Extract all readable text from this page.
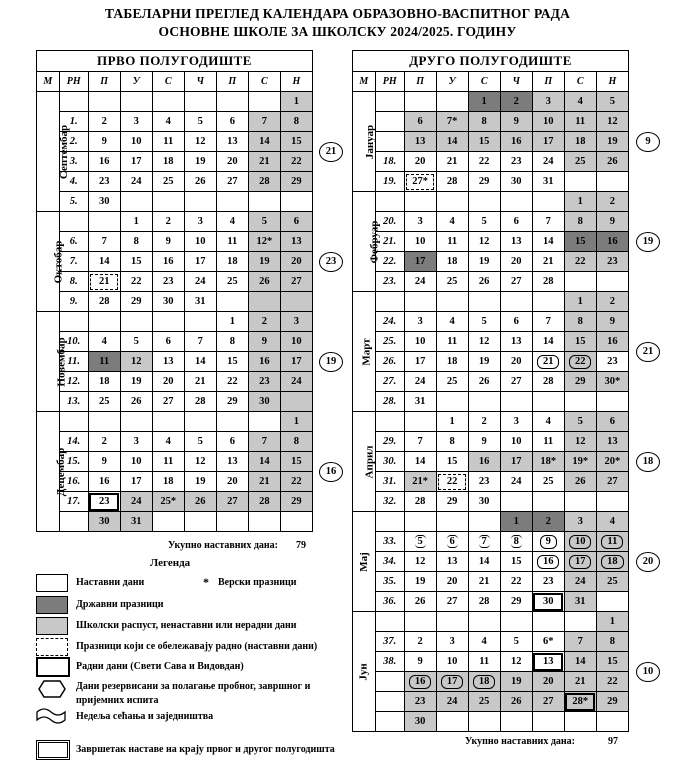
ТАБЕЛАРНИ ПРЕГЛЕД КАЛЕНДАРА ОБРАЗОВНО-ВАСПИТНОГ РАДА
ОСНОВНЕ ШКОЛЕ ЗА ШКОЛСКУ 2024/2025. ГОДИНУ
ПРВО ПОЛУГОДИШТЕ								
М	РН	П	У	С	Ч	П	С	Н
Септембар								1
	1.	2	3	4	5	6	7	8
	2.	9	10	11	12	13	14	15
	3.	16	17	18	19	20	21	22
	4.	23	24	25	26	27	28	29
	5.	30						
Октобар			1	2	3	4	5	6
	6.	7	8	9	10	11	12*	13
	7.	14	15	16	17	18	19	20
	8.	21	22	23	24	25	26	27
	9.	28	29	30	31			
Новембар						1	2	3
	10.	4	5	6	7	8	9	10
	11.	11	12	13	14	15	16	17
	12.	18	19	20	21	22	23	24
	13.	25	26	27	28	29	30	
Децембар								1
	14.	2	3	4	5	6	7	8
	15.	9	10	11	12	13	14	15
	16.	16	17	18	19	20	21	22
	17.	23	24	25*	26	27	28	29
		30	31					
ДРУГО ПОЛУГОДИШТЕ								
М	РН	П	У	С	Ч	П	С	Н
Јануар				1	2	3	4	5
		6	7*	8	9	10	11	12
		13	14	15	16	17	18	19
	18.	20	21	22	23	24	25	26
	19.	27*	28	29	30	31		
Фебруар							1	2
	20.	3	4	5	6	7	8	9
	21.	10	11	12	13	14	15	16
	22.	17	18	19	20	21	22	23
	23.	24	25	26	27	28		
Март							1	2
	24.	3	4	5	6	7	8	9
	25.	10	11	12	13	14	15	16
	26.	17	18	19	20	21	22	23
	27.	24	25	26	27	28	29	30*
	28.	31						
Април			1	2	3	4	5	6
	29.	7	8	9	10	11	12	13
	30.	14	15	16	17	18*	19*	20*
	31.	21*	22	23	24	25	26	27
	32.	28	29	30				
Мај					1	2	3	4
	33.	5	6	7	8	9	10	11
	34.	12	13	14	15	16	17	18
	35.	19	20	21	22	23	24	25
	36.	26	27	28	29	30	31	
Јун								1
	37.	2	3	4	5	6*	7	8
	38.	9	10	11	12	13	14	15
		16	17	18	19	20	21	22
		23	24	25	26	27	28*	29
		30						
21
23
19
16
9
19
21
18
20
10
Укупно наставних дана: 79
Укупно наставних дана:	97
Легенда
Наставни дани	* Верски празници
Државни празници
Школски распуст, ненаставни или нерадни дани
Празници који се обележавају радно (наставни дани)
Радни дани (Свети Сава и Видовдан)
Дани резервисани за полагање пробног, завршног и пријемних испита
Недеља сећања и заједништва
Завршетак наставе на крају првог и другог полугодишта
